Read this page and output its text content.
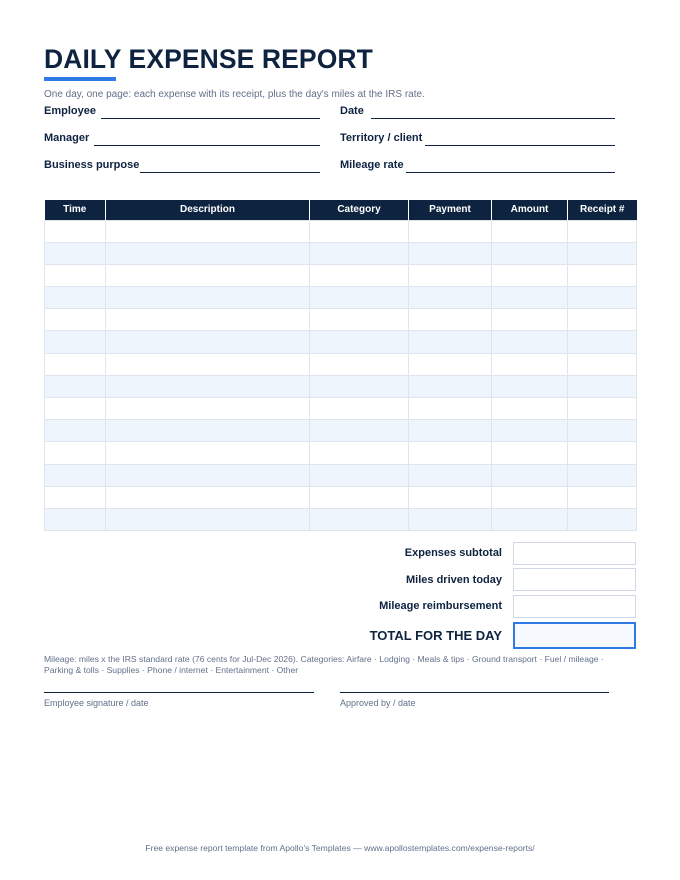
DAILY EXPENSE REPORT
One day, one page: each expense with its receipt, plus the day's miles at the IRS rate.
Employee	Date
Manager	Territory / client
Business purpose	Mileage rate
Time	Description	Category	Payment	Amount	Receipt #

Expenses subtotal
Miles driven today
Mileage reimbursement
TOTAL FOR THE DAY
Mileage: miles x the IRS standard rate (76 cents for Jul-Dec 2026). Categories: Airfare · Lodging · Meals & tips · Ground transport · Fuel / mileage · Parking & tolls · Supplies · Phone / internet · Entertainment · Other
Employee signature / date	Approved by / date
Free expense report template from Apollo's Templates — www.apollostemplates.com/expense-reports/
